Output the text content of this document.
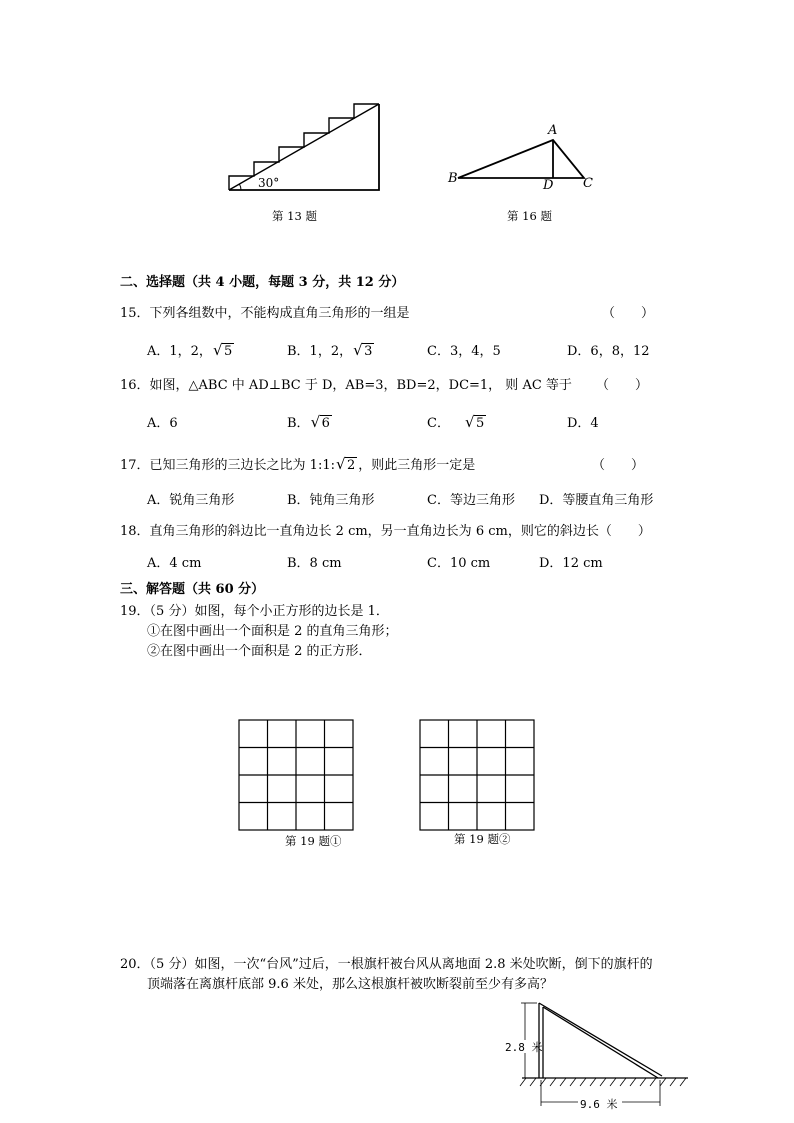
30°
第 13 题
A
B	C
D
第 16 题
二、选择题（共 4 小题，每题 3 分，共 12 分）
15．下列各组数中，不能构成直角三角形的一组是	（　　）
A．1，2， √ 5	B．1，2， √ 3	C．3，4，5	D．6，8，12
16．如图，△ABC 中 AD⊥BC 于 D，AB=3，BD=2，DC=1， 则 AC 等于 （　　）
A．6	B． √ 6	C． √ 5	D．4
17．已知三角形的三边长之比为 1:1: √ 2 ，则此三角形一定是	（　　）
A．锐角三角形	B．钝角三角形	C．等边三角形 D．等腰直角三角形
18．直角三角形的斜边比一直角边长 2 cm，另一直角边长为 6 cm，则它的斜边长（　　）
A．4 cm	B．8 cm	C．10 cm	D．12 cm
三、解答题（共 60 分）
19．（5 分）如图，每个小正方形的边长是 1．
①在图中画出一个面积是 2 的直角三角形；
②在图中画出一个面积是 2 的正方形．
第 19 题①	第 19 题②
20．（5 分）如图，一次“台风”过后，一根旗杆被台风从离地面 2.8 米处吹断，倒下的旗杆的
顶端落在离旗杆底部 9.6 米处，那么这根旗杆被吹断裂前至少有多高？
2.8 米
9.6 米
